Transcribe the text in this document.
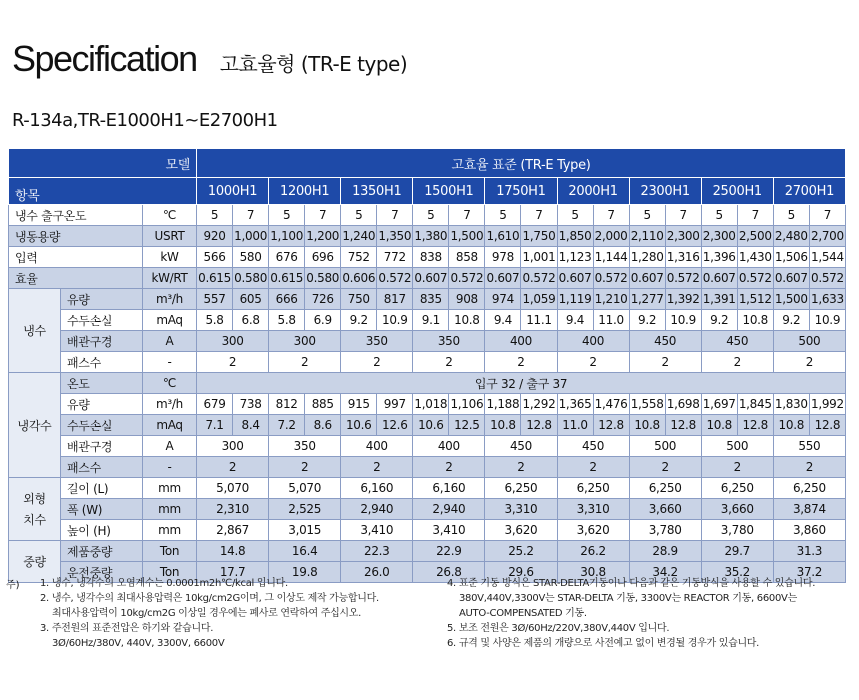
Specification 고효율형 (TR-E type)
R-134a,TR-E1000H1~E2700H1
모델			고효율 표준 (TR-E Type)																	
항목			1000H1		1200H1		1350H1		1500H1		1750H1		2000H1		2300H1		2500H1		2700H1	
냉수 출구온도		℃	5	7	5	7	5	7	5	7	5	7	5	7	5	7	5	7	5	7
냉동용량		USRT	920	1,000	1,100	1,200	1,240	1,350	1,380	1,500	1,610	1,750	1,850	2,000	2,110	2,300	2,300	2,500	2,480	2,700
입력		kW	566	580	676	696	752	772	838	858	978	1,001	1,123	1,144	1,280	1,316	1,396	1,430	1,506	1,544
효율		kW/RT	0.615	0.580	0.615	0.580	0.606	0.572	0.607	0.572	0.607	0.572	0.607	0.572	0.607	0.572	0.607	0.572	0.607	0.572
냉수	유량	m³/h	557	605	666	726	750	817	835	908	974	1,059	1,119	1,210	1,277	1,392	1,391	1,512	1,500	1,633
	수두손실	mAq	5.8	6.8	5.8	6.9	9.2	10.9	9.1	10.8	9.4	11.1	9.4	11.0	9.2	10.9	9.2	10.8	9.2	10.9
	배관구경	A	300		300		350		350		400		400		450		450		500	
	패스수	-	2		2		2		2		2		2		2		2		2	
냉각수	온도	℃	입구 32 / 출구 37																	
	유량	m³/h	679	738	812	885	915	997	1,018	1,106	1,188	1,292	1,365	1,476	1,558	1,698	1,697	1,845	1,830	1,992
	수두손실	mAq	7.1	8.4	7.2	8.6	10.6	12.6	10.6	12.5	10.8	12.8	11.0	12.8	10.8	12.8	10.8	12.8	10.8	12.8
	배관구경	A	300		350		400		400		450		450		500		500		550	
	패스수	-	2		2		2		2		2		2		2		2		2	

외형
치수	길이 (L)	mm	5,070		5,070		6,160		6,160		6,250		6,250		6,250		6,250		6,250	
	폭 (W)	mm	2,310		2,525		2,940		2,940		3,310		3,310		3,660		3,660		3,874	
	높이 (H)	mm	2,867		3,015		3,410		3,410		3,620		3,620		3,780		3,780		3,860	
중량	제품중량	Ton	14.8		16.4		22.3		22.9		25.2		26.2		28.9		29.7		31.3	
	운전중량	Ton	17.7		19.8		26.0		26.8		29.6		30.8		34.2		35.2		37.2	
주) 1. 냉수, 냉각수의 오염계수는 0.0001m2h℃/kcal 입니다.
2. 냉수, 냉각수의 최대사용압력은 10kg/cm2G이며, 그 이상도 제작 가능합니다.
최대사용압력이 10kg/cm2G 이상일 경우에는 폐사로 연락하여 주십시오.
3. 주전원의 표준전압은 하기와 같습니다.
3Ø/60Hz/380V, 440V, 3300V, 6600V
4. 표준 기동 방식은 STAR-DELTA기동이나 다음과 같은 기동방식을 사용할 수 있습니다.
380V,440V,3300V는 STAR-DELTA 기동, 3300V는 REACTOR 기동, 6600V는
AUTO-COMPENSATED 기동.
5. 보조 전원은 3Ø/60Hz/220V,380V,440V 입니다.
6. 규격 및 사양은 제품의 개량으로 사전예고 없이 변경될 경우가 있습니다.
